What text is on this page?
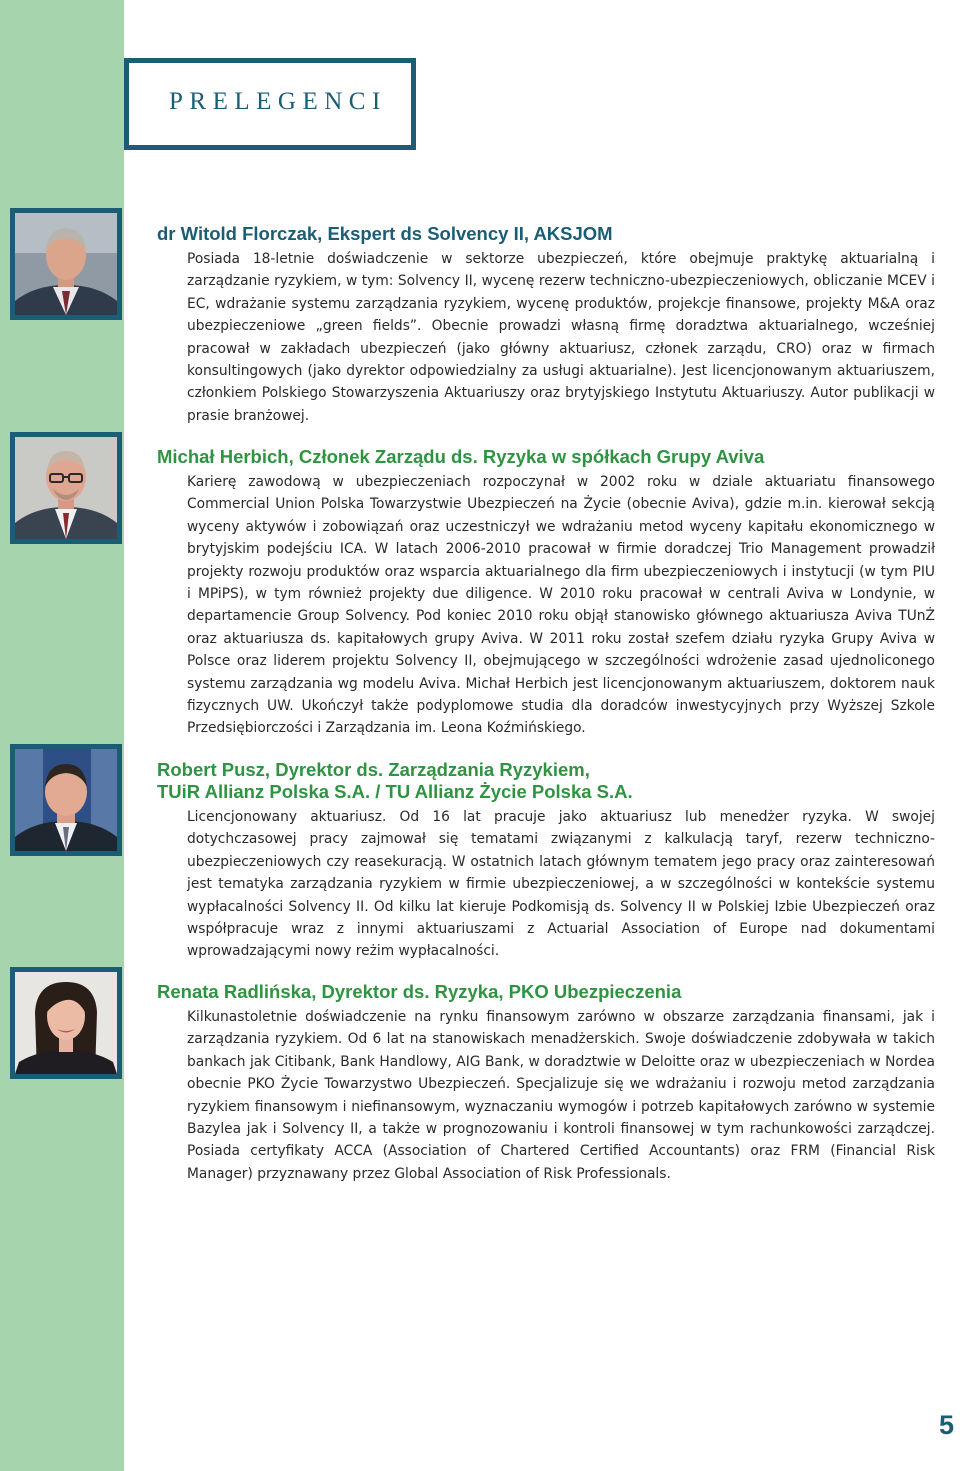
PRELEGENCI
dr Witold Florczak, Ekspert ds Solvency II, AKSJOM
Posiada 18-letnie doświadczenie w sektorze ubezpieczeń, które obejmuje praktykę aktuarialną i zarządzanie ryzykiem, w tym: Solvency II, wycenę rezerw techniczno-ubezpieczeniowych, obliczanie MCEV i EC, wdrażanie systemu zarządzania ryzykiem, wycenę produktów, projekcje finansowe, projekty M&A oraz ubezpieczeniowe „green fields”. Obecnie prowadzi własną firmę doradztwa aktuarialnego, wcześniej pracował w zakładach ubezpieczeń (jako główny aktuariusz, członek zarządu, CRO) oraz w firmach konsultingowych (jako dyrektor odpowiedzialny za usługi aktuarialne). Jest licencjonowanym aktuariuszem, członkiem Polskiego Stowarzyszenia Aktuariuszy oraz brytyjskiego Instytutu Aktuariuszy. Autor publikacji w prasie branżowej.
Michał Herbich, Członek Zarządu ds. Ryzyka w spółkach Grupy Aviva
Karierę zawodową w ubezpieczeniach rozpoczynał w 2002 roku w dziale aktuariatu finansowego Commercial Union Polska Towarzystwie Ubezpieczeń na Życie (obecnie Aviva), gdzie m.in. kierował sekcją wyceny aktywów i zobowiązań oraz uczestniczył we wdrażaniu metod wyceny kapitału ekonomicznego w brytyjskim podejściu ICA. W latach 2006-2010 pracował w firmie doradczej Trio Management prowadził projekty rozwoju produktów oraz wsparcia aktuarialnego dla firm ubezpieczeniowych i instytucji (w tym PIU i MPiPS), w tym również projekty due diligence. W 2010 roku pracował w centrali Aviva w Londynie, w departamencie Group Solvency. Pod koniec 2010 roku objął stanowisko głównego aktuariusza Aviva TUnŻ oraz aktuariusza ds. kapitałowych grupy Aviva. W 2011 roku został szefem działu ryzyka Grupy Aviva w Polsce oraz liderem projektu Solvency II, obejmującego w szczególności wdrożenie zasad ujednoliconego systemu zarządzania wg modelu Aviva. Michał Herbich jest licencjonowanym aktuariuszem, doktorem nauk fizycznych UW. Ukończył także podyplomowe studia dla doradców inwestycyjnych przy Wyższej Szkole Przedsiębiorczości i Zarządzania im. Leona Koźmińskiego.
Robert Pusz, Dyrektor ds. Zarządzania Ryzykiem,
TUiR Allianz Polska S.A. / TU Allianz Życie Polska S.A.
Licencjonowany aktuariusz. Od 16 lat pracuje jako aktuariusz lub menedżer ryzyka. W swojej dotychczasowej pracy zajmował się tematami związanymi z kalkulacją taryf, rezerw techniczno-ubezpieczeniowych czy reasekuracją. W ostatnich latach głównym tematem jego pracy oraz zainteresowań jest tematyka zarządzania ryzykiem w firmie ubezpieczeniowej, a w szczególności w kontekście systemu wypłacalności Solvency II. Od kilku lat kieruje Podkomisją ds. Solvency II w Polskiej Izbie Ubezpieczeń oraz współpracuje wraz z innymi aktuariuszami z Actuarial Association of Europe nad dokumentami wprowadzającymi nowy reżim wypłacalności.
Renata Radlińska, Dyrektor ds. Ryzyka, PKO Ubezpieczenia
Kilkunastoletnie doświadczenie na rynku finansowym zarówno w obszarze zarządzania finansami, jak i zarządzania ryzykiem. Od 6 lat na stanowiskach menadżerskich. Swoje doświadczenie zdobywała w takich bankach jak Citibank, Bank Handlowy, AIG Bank, w doradztwie w Deloitte oraz w ubezpieczeniach w Nordea obecnie PKO Życie Towarzystwo Ubezpieczeń. Specjalizuje się we wdrażaniu i rozwoju metod zarządzania ryzykiem finansowym i niefinansowym, wyznaczaniu wymogów i potrzeb kapitałowych zarówno w systemie Bazylea jak i Solvency II, a także w prognozowaniu i kontroli finansowej w tym rachunkowości zarządczej. Posiada certyfikaty ACCA (Association of Chartered Certified Accountants) oraz FRM (Financial Risk Manager) przyznawany przez Global Association of Risk Professionals.
5
